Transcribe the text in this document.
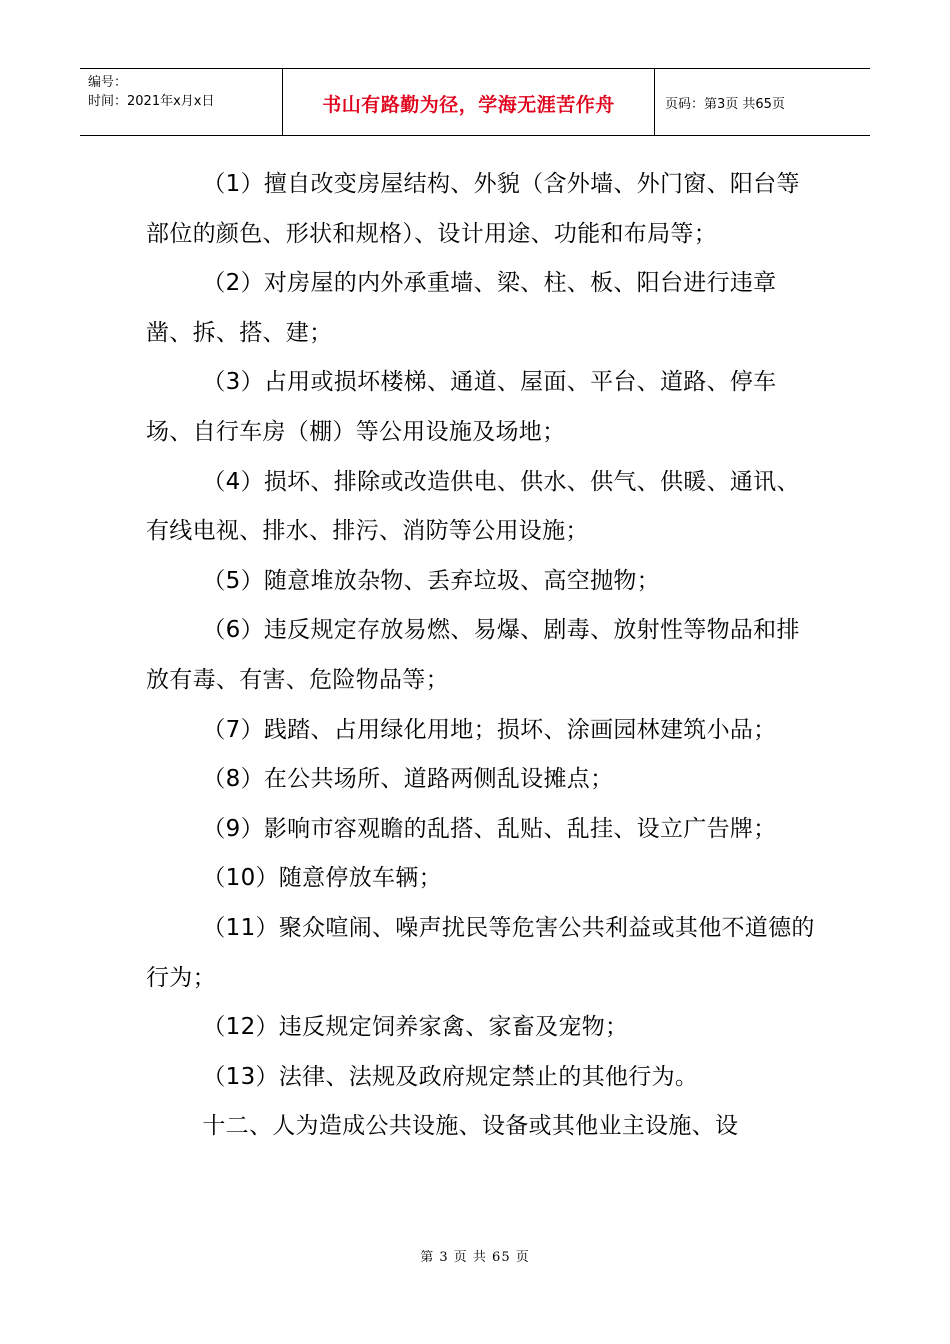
编号：
时间：2021年x月x日	书山有路勤为径，学海无涯苦作舟	页码：第3页 共65页

（1）擅自改变房屋结构、外貌（含外墙、外门窗、阳台等部位的颜色、形状和规格）、设计用途、功能和布局等；

（2）对房屋的内外承重墙、梁、柱、板、阳台进行违章凿、拆、搭、建；

（3）占用或损坏楼梯、通道、屋面、平台、道路、停车场、自行车房（棚）等公用设施及场地；

（4）损坏、排除或改造供电、供水、供气、供暖、通讯、有线电视、排水、排污、消防等公用设施；

（5）随意堆放杂物、丢弃垃圾、高空抛物；

（6）违反规定存放易燃、易爆、剧毒、放射性等物品和排放有毒、有害、危险物品等；

（7）践踏、占用绿化用地；损坏、涂画园林建筑小品；

（8）在公共场所、道路两侧乱设摊点；

（9）影响市容观瞻的乱搭、乱贴、乱挂、设立广告牌；

（10）随意停放车辆；

（11）聚众喧闹、噪声扰民等危害公共利益或其他不道德的行为；

（12）违反规定饲养家禽、家畜及宠物；

（13）法律、法规及政府规定禁止的其他行为。

十二、人为造成公共设施、设备或其他业主设施、设

第 3 页 共 65 页
